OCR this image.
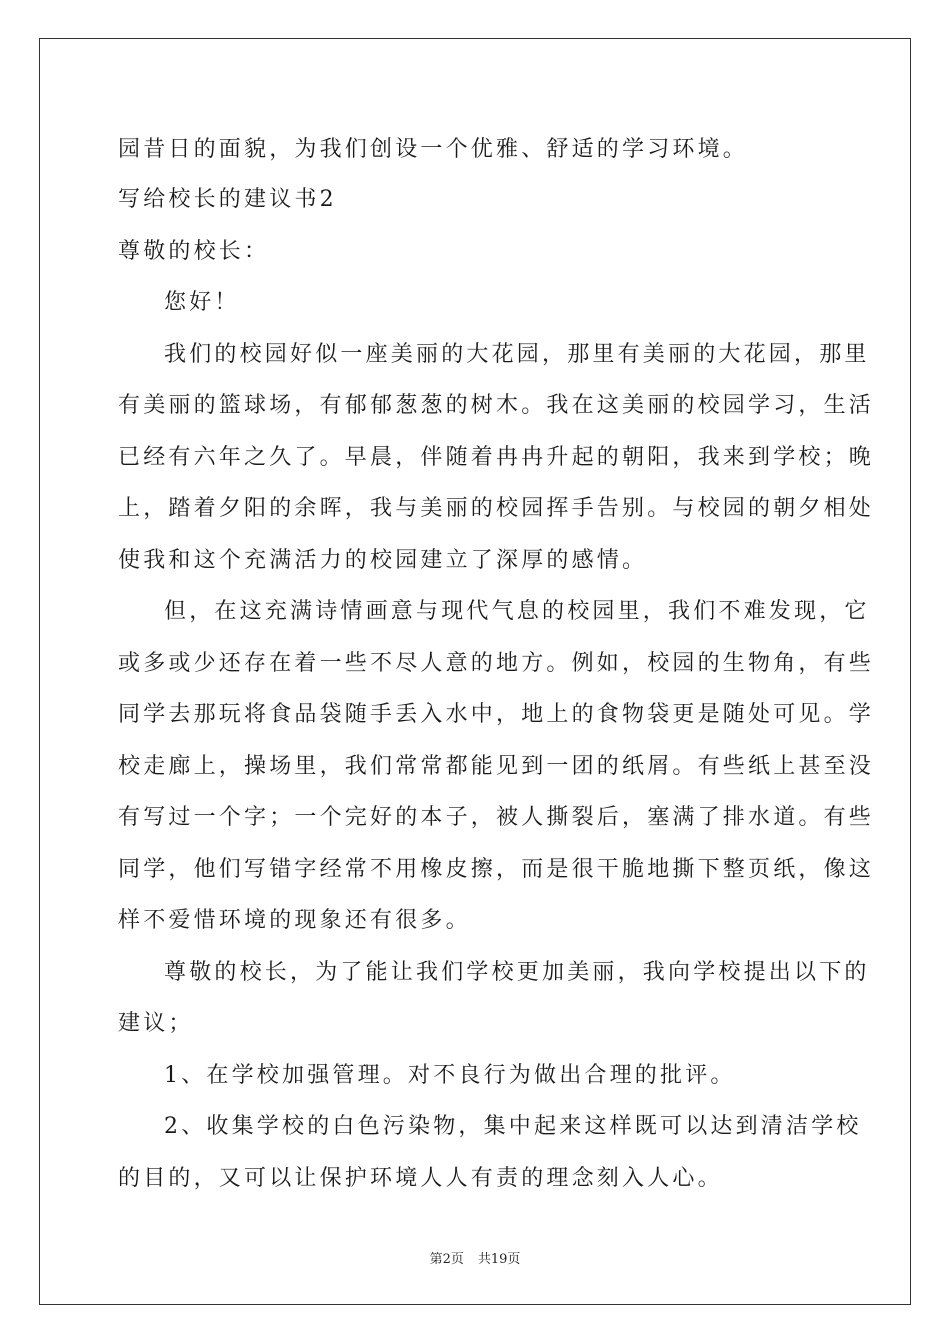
园昔日的面貌，为我们创设一个优雅、舒适的学习环境。
写给校长的建议书2
尊敬的校长：
您好！
我们的校园好似一座美丽的大花园，那里有美丽的大花园，那里
有美丽的篮球场，有郁郁葱葱的树木。我在这美丽的校园学习，生活
已经有六年之久了。早晨，伴随着冉冉升起的朝阳，我来到学校；晚
上，踏着夕阳的余晖，我与美丽的校园挥手告别。与校园的朝夕相处
使我和这个充满活力的校园建立了深厚的感情。
但，在这充满诗情画意与现代气息的校园里，我们不难发现，它
或多或少还存在着一些不尽人意的地方。例如，校园的生物角，有些
同学去那玩将食品袋随手丢入水中，地上的食物袋更是随处可见。学
校走廊上，操场里，我们常常都能见到一团的纸屑。有些纸上甚至没
有写过一个字；一个完好的本子，被人撕裂后，塞满了排水道。有些
同学，他们写错字经常不用橡皮擦，而是很干脆地撕下整页纸，像这
样不爱惜环境的现象还有很多。
尊敬的校长，为了能让我们学校更加美丽，我向学校提出以下的
建议；
1、在学校加强管理。对不良行为做出合理的批评。
2、收集学校的白色污染物，集中起来这样既可以达到清洁学校
的目的，又可以让保护环境人人有责的理念刻入人心。
第2页 共19页
